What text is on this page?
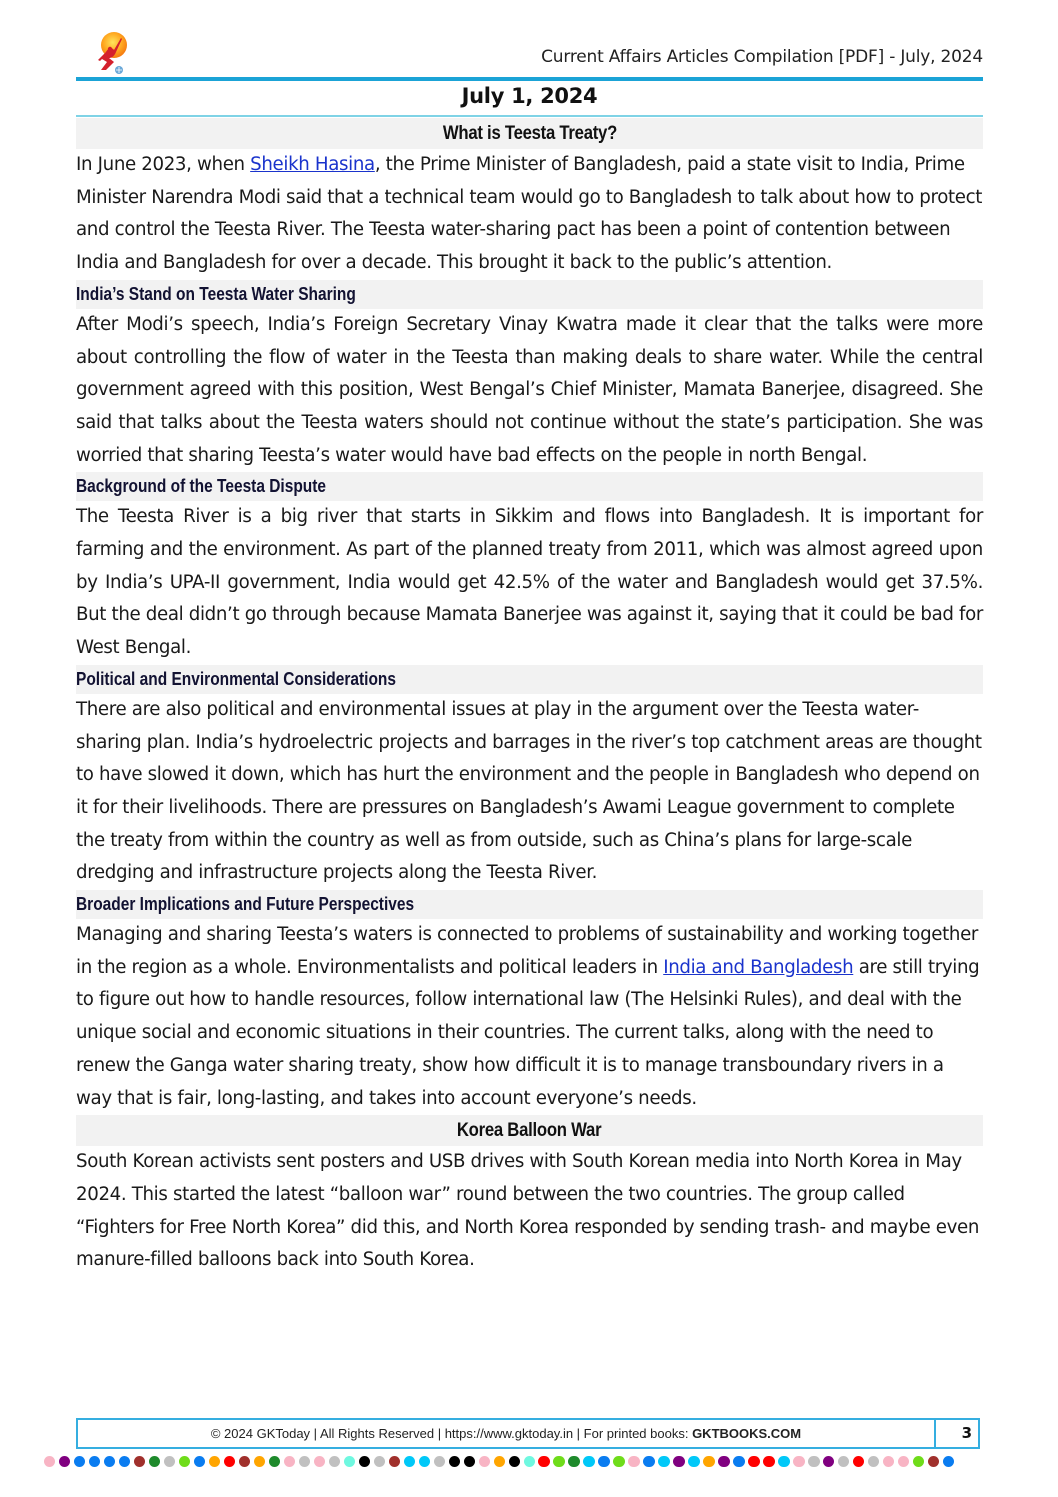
Current Affairs Articles Compilation [PDF] - July, 2024
July 1, 2024
What is Teesta Treaty?

In June 2023, when Sheikh Hasina, the Prime Minister of Bangladesh, paid a state visit to India, Prime Minister Narendra Modi said that a technical team would go to Bangladesh to talk about how to protect and control the Teesta River. The Teesta water-sharing pact has been a point of contention between India and Bangladesh for over a decade. This brought it back to the public’s attention.

India’s Stand on Teesta Water Sharing

After Modi’s speech, India’s Foreign Secretary Vinay Kwatra made it clear that the talks were more about controlling the flow of water in the Teesta than making deals to share water. While the central government agreed with this position, West Bengal’s Chief Minister, Mamata Banerjee, disagreed. She said that talks about the Teesta waters should not continue without the state’s participation. She was worried that sharing Teesta’s water would have bad effects on the people in north Bengal.

Background of the Teesta Dispute

The Teesta River is a big river that starts in Sikkim and flows into Bangladesh. It is important for farming and the environment. As part of the planned treaty from 2011, which was almost agreed upon by India’s UPA-II government, India would get 42.5% of the water and Bangladesh would get 37.5%. But the deal didn’t go through because Mamata Banerjee was against it, saying that it could be bad for West Bengal.

Political and Environmental Considerations

There are also political and environmental issues at play in the argument over the Teesta water-sharing plan. India’s hydroelectric projects and barrages in the river’s top catchment areas are thought to have slowed it down, which has hurt the environment and the people in Bangladesh who depend on it for their livelihoods. There are pressures on Bangladesh’s Awami League government to complete the treaty from within the country as well as from outside, such as China’s plans for large-scale dredging and infrastructure projects along the Teesta River.

Broader Implications and Future Perspectives

Managing and sharing Teesta’s waters is connected to problems of sustainability and working together in the region as a whole. Environmentalists and political leaders in India and Bangladesh are still trying to figure out how to handle resources, follow international law (The Helsinki Rules), and deal with the unique social and economic situations in their countries. The current talks, along with the need to renew the Ganga water sharing treaty, show how difficult it is to manage transboundary rivers in a way that is fair, long-lasting, and takes into account everyone’s needs.

Korea Balloon War

South Korean activists sent posters and USB drives with South Korean media into North Korea in May 2024. This started the latest “balloon war” round between the two countries. The group called “Fighters for Free North Korea” did this, and North Korea responded by sending trash- and maybe even manure-filled balloons back into South Korea.

© 2024 GKToday | All Rights Reserved | https://www.gktoday.in | For printed books: GKTBOOKS.COM	3
